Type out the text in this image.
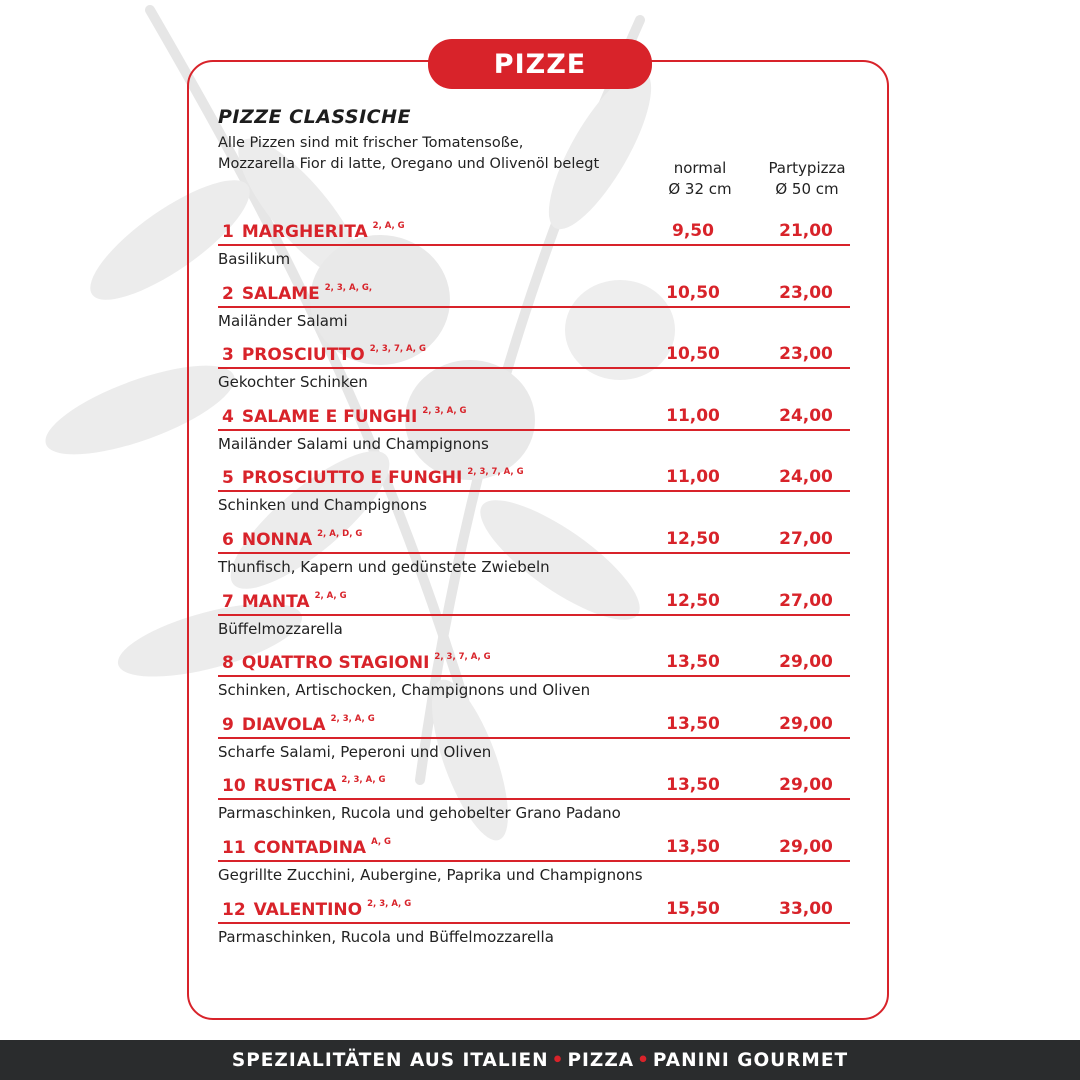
PIZZE
PIZZE CLASSICHE
Alle Pizzen sind mit frischer Tomatensoße,
Mozzarella Fior di latte, Oregano und Olivenöl belegt	normal
Ø 32 cm
Partypizza
Ø 50 cm
1 MARGHERITA $^{2, A, G}$	9,50	21,00
Basilikum
2 SALAME $^{2, 3, A, G,}$	10,50	23,00
Mailänder Salami
3 PROSCIUTTO $^{2, 3, 7, A, G}$	10,50	23,00
Gekochter Schinken
4 SALAME E FUNGHI $^{2, 3, A, G}$	11,00	24,00
Mailänder Salami und Champignons
5 PROSCIUTTO E FUNGHI $^{2, 3, 7, A, G}$	11,00	24,00
Schinken und Champignons
6 NONNA $^{2, A, D, G}$	12,50	27,00
Thunfisch, Kapern und gedünstete Zwiebeln
7 MANTA $^{2, A, G}$	12,50	27,00
Büffelmozzarella
8 QUATTRO STAGIONI $^{2, 3, 7, A, G}$	13,50	29,00
Schinken, Artischocken, Champignons und Oliven
9 DIAVOLA $^{2, 3, A, G}$	13,50	29,00
Scharfe Salami, Peperoni und Oliven
10 RUSTICA $^{2, 3, A, G}$	13,50	29,00
Parmaschinken, Rucola und gehobelter Grano Padano
11 CONTADINA $^{A, G}$	13,50	29,00
Gegrillte Zucchini, Aubergine, Paprika und Champignons
12 VALENTINO $^{2, 3, A, G}$	15,50	33,00
Parmaschinken, Rucola und Büffelmozzarella
SPEZIALITÄTEN AUS ITALIEN • PIZZA • PANINI GOURMET
